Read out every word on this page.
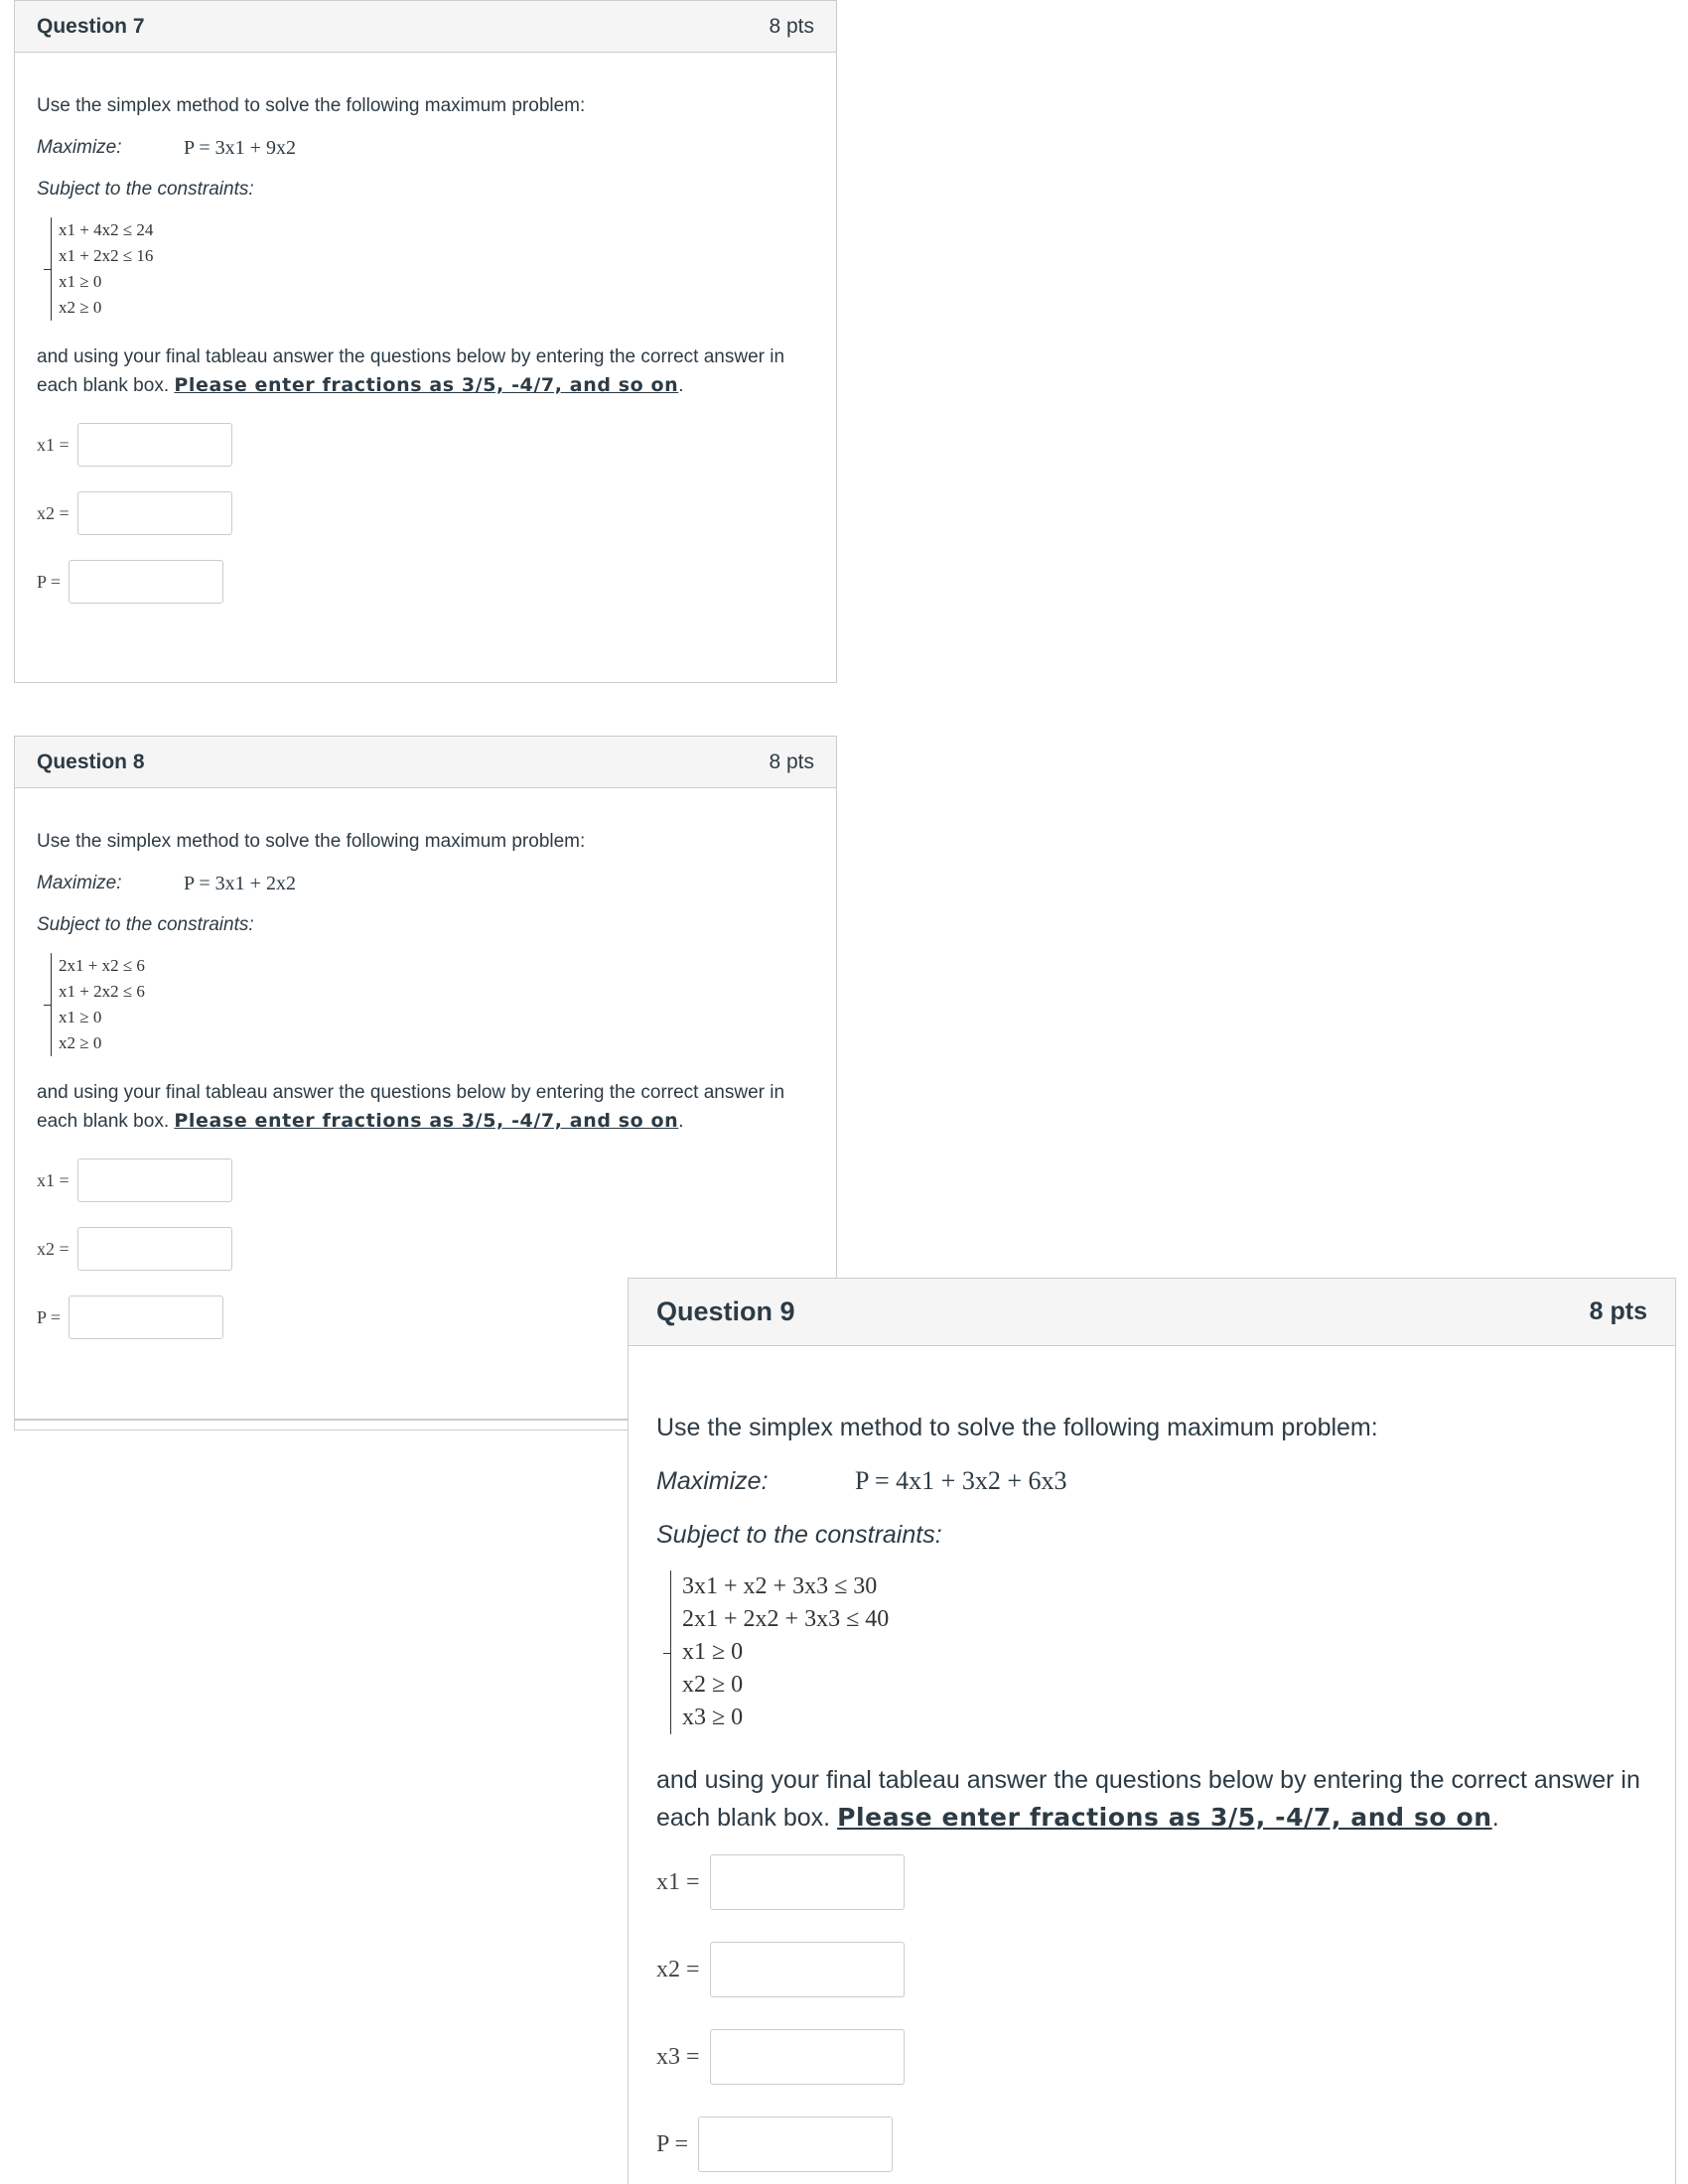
Question 7	8 pts

Use the simplex method to solve the following maximum problem:

Maximize:	P = 3x1 + 9x2

Subject to the constraints:

x1 + 4x2 ≤ 24
x1 + 2x2 ≤ 16
x1 ≥ 0
x2 ≥ 0

and using your final tableau answer the questions below by entering the correct answer in each blank box. Please enter fractions as 3/5, -4/7, and so on.

x1 =
x2 =
P =
Question 8	8 pts

Use the simplex method to solve the following maximum problem:

Maximize:	P = 3x1 + 2x2

Subject to the constraints:

2x1 + x2 ≤ 6
x1 + 2x2 ≤ 6
x1 ≥ 0
x2 ≥ 0

and using your final tableau answer the questions below by entering the correct answer in each blank box. Please enter fractions as 3/5, -4/7, and so on.

x1 =
x2 =
P =	Question 9	8 pts

Use the simplex method to solve the following maximum problem:

Maximize:	P = 4x1 + 3x2 + 6x3

Subject to the constraints:

3x1 + x2 + 3x3 ≤ 30
2x1 + 2x2 + 3x3 ≤ 40
x1 ≥ 0
x2 ≥ 0
x3 ≥ 0

and using your final tableau answer the questions below by entering the correct answer in each blank box. Please enter fractions as 3/5, -4/7, and so on.

x1 =
x2 =
x3 =
P =
